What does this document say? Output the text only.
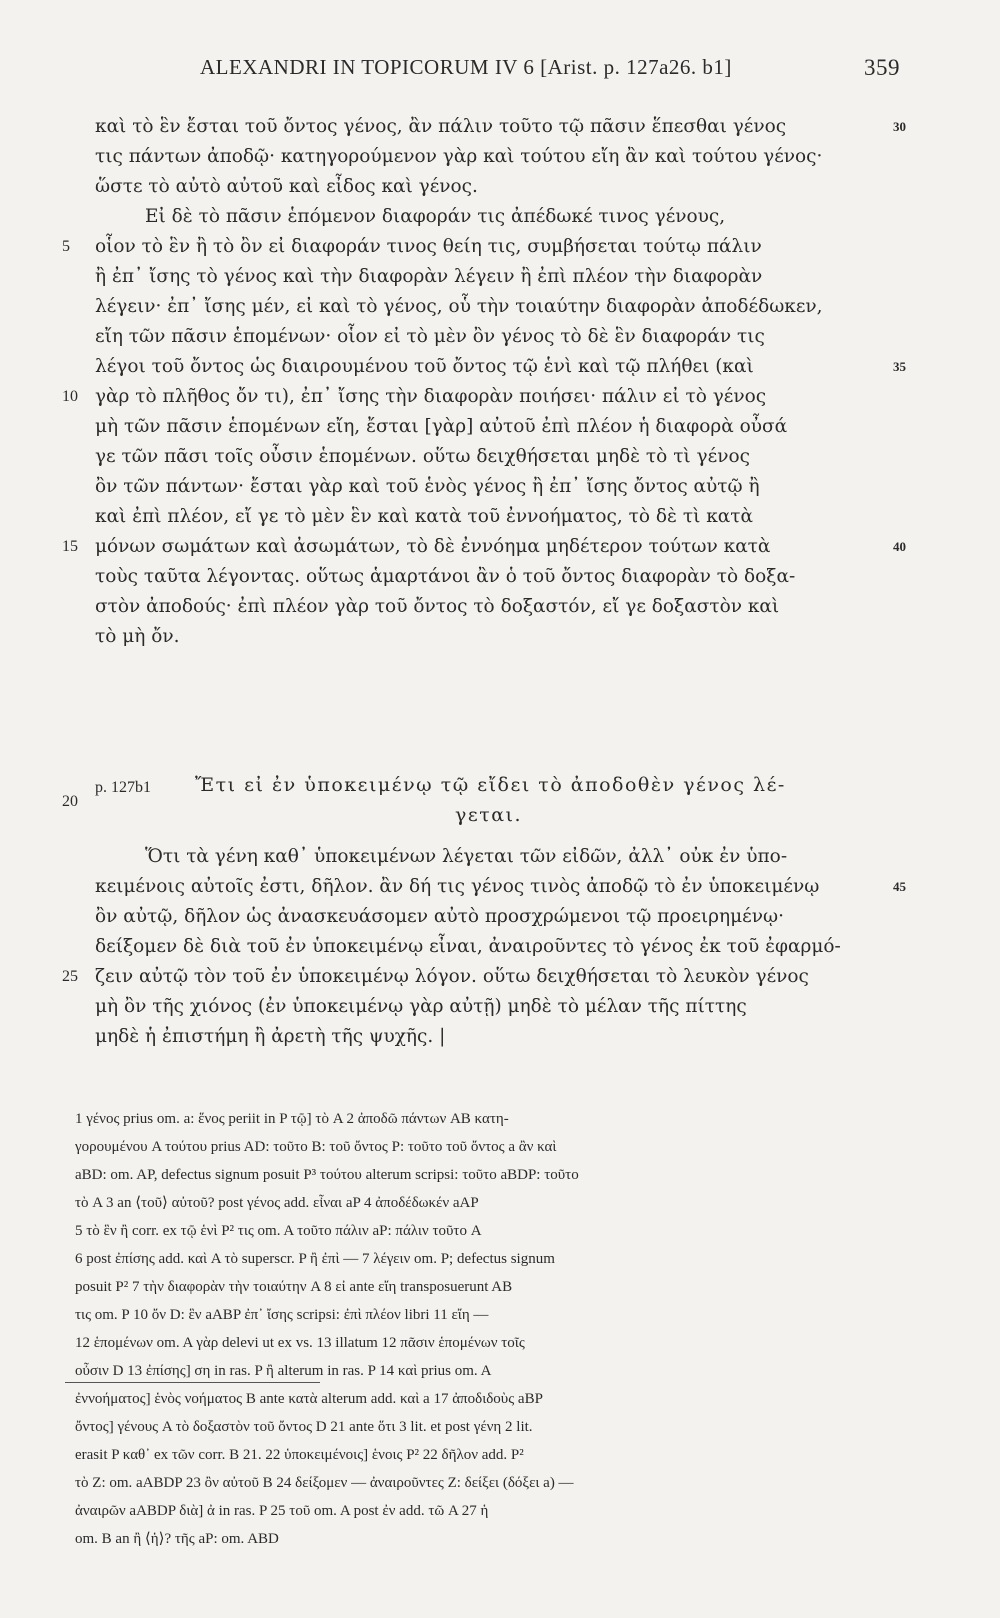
ALEXANDRI IN TOPICORUM IV 6 [Arist. p. 127a26. b1]	359
καὶ τὸ ἓν ἔσται τοῦ ὄντος γένος, ἂν πάλιν τοῦτο τῷ πᾶσιν ἕπεσθαι γένος
τις πάντων ἀποδῷ· κατηγορούμενον γὰρ καὶ τούτου εἴη ἂν καὶ τούτου γένος·
ὥστε τὸ αὐτὸ αὐτοῦ καὶ εἶδος καὶ γένος.
Εἰ δὲ τὸ πᾶσιν ἑπόμενον διαφοράν τις ἀπέδωκέ τινος γένους,
οἷον τὸ ἓν ἢ τὸ ὂν εἰ διαφοράν τινος θείη τις, συμβήσεται τούτῳ πάλιν
ἢ ἐπ᾽ ἴσης τὸ γένος καὶ τὴν διαφορὰν λέγειν ἢ ἐπὶ πλέον τὴν διαφορὰν
λέγειν· ἐπ᾽ ἴσης μέν, εἰ καὶ τὸ γένος, οὗ τὴν τοιαύτην διαφορὰν ἀποδέδωκεν,
εἴη τῶν πᾶσιν ἑπομένων· οἷον εἰ τὸ μὲν ὂν γένος τὸ δὲ ἓν διαφοράν τις
λέγοι τοῦ ὄντος ὡς διαιρουμένου τοῦ ὄντος τῷ ἑνὶ καὶ τῷ πλήθει (καὶ
γὰρ τὸ πλῆθος ὄν τι), ἐπ᾽ ἴσης τὴν διαφορὰν ποιήσει· πάλιν εἰ τὸ γένος
μὴ τῶν πᾶσιν ἑπομένων εἴη, ἔσται [γὰρ] αὐτοῦ ἐπὶ πλέον ἡ διαφορὰ οὖσά
γε τῶν πᾶσι τοῖς οὖσιν ἑπομένων. οὕτω δειχθήσεται μηδὲ τὸ τὶ γένος
ὂν τῶν πάντων· ἔσται γὰρ καὶ τοῦ ἑνὸς γένος ἢ ἐπ᾽ ἴσης ὄντος αὐτῷ ἢ
καὶ ἐπὶ πλέον, εἴ γε τὸ μὲν ἓν καὶ κατὰ τοῦ ἐννοήματος, τὸ δὲ τὶ κατὰ
μόνων σωμάτων καὶ ἀσωμάτων, τὸ δὲ ἐννόημα μηδέτερον τούτων κατὰ
τοὺς ταῦτα λέγοντας. οὕτως ἁμαρτάνοι ἂν ὁ τοῦ ὄντος διαφορὰν τὸ δοξα-
στὸν ἀποδούς· ἐπὶ πλέον γὰρ τοῦ ὄντος τὸ δοξαστόν, εἴ γε δοξαστὸν καὶ
τὸ μὴ ὄν.
5
10
15
20
25
30
35
40
45
p. 127b1 Ἔτι εἰ ἐν ὑποκειμένῳ τῷ εἴδει τὸ ἀποδοθὲν γένος λέ-
γεται.
Ὅτι τὰ γένη καθ᾽ ὑποκειμένων λέγεται τῶν εἰδῶν, ἀλλ᾽ οὐκ ἐν ὑπο-
κειμένοις αὐτοῖς ἐστι, δῆλον. ἂν δή τις γένος τινὸς ἀποδῷ τὸ ἐν ὑποκειμένῳ
ὂν αὐτῷ, δῆλον ὡς ἀνασκευάσομεν αὐτὸ προσχρώμενοι τῷ προειρημένῳ·
δείξομεν δὲ διὰ τοῦ ἐν ὑποκειμένῳ εἶναι, ἀναιροῦντες τὸ γένος ἐκ τοῦ ἐφαρμό-
ζειν αὐτῷ τὸν τοῦ ἐν ὑποκειμένῳ λόγον. οὕτω δειχθήσεται τὸ λευκὸν γένος
μὴ ὂν τῆς χιόνος (ἐν ὑποκειμένῳ γὰρ αὐτῇ) μηδὲ τὸ μέλαν τῆς πίττης
μηδὲ ἡ ἐπιστήμη ἢ ἀρετὴ τῆς ψυχῆς. |
1 γένος prius om. a: ἕνος periit in P τῷ] τὸ A 2 ἀποδῶ πάντων AB κατη-
γορουμένου A τούτου prius AD: τοῦτο B: τοῦ ὄντος P: τοῦτο τοῦ ὄντος a ἂν καὶ
aBD: om. AP, defectus signum posuit P³ τούτου alterum scripsi: τοῦτο aBDP: τοῦτο
τὸ A 3 an ⟨τοῦ⟩ αὐτοῦ? post γένος add. εἶναι aP 4 ἀποδέδωκέν aAP
5 τὸ ἓν ἢ corr. ex τῷ ἑνὶ P² τις om. A τοῦτο πάλιν aP: πάλιν τοῦτο A
6 post ἐπίσης add. καὶ A τὸ superscr. P ἢ ἐπὶ — 7 λέγειν om. P; defectus signum
posuit P² 7 τὴν διαφορὰν τὴν τοιαύτην A 8 εἰ ante εἴη transposuerunt AB
τις om. P 10 ὄν D: ἓν aABP ἐπ᾽ ἴσης scripsi: ἐπὶ πλέον libri 11 εἴη —
12 ἑπομένων om. A γὰρ delevi ut ex vs. 13 illatum 12 πᾶσιν ἑπομένων τοῖς
οὖσιν D 13 ἐπίσης] ση in ras. P ἢ alterum in ras. P 14 καὶ prius om. A
ἐννοήματος] ἑνὸς νοήματος B ante κατὰ alterum add. καὶ a 17 ἀποδιδοὺς aBP
ὄντος] γένους A τὸ δοξαστὸν τοῦ ὄντος D 21 ante ὅτι 3 lit. et post γένη 2 lit.
erasit P καθ᾽ ex τῶν corr. B 21. 22 ὑποκειμένοις] ἑνοις P² 22 δῆλον add. P²
τὸ Z: om. aABDP 23 ὂν αὐτοῦ B 24 δείξομεν — ἀναιροῦντες Z: δείξει (δόξει a) —
ἀναιρῶν aABDP διὰ] ἀ in ras. P 25 τοῦ om. A post ἐν add. τῶ A 27 ἡ
om. B an ἢ ⟨ἡ⟩? τῆς aP: om. ABD
